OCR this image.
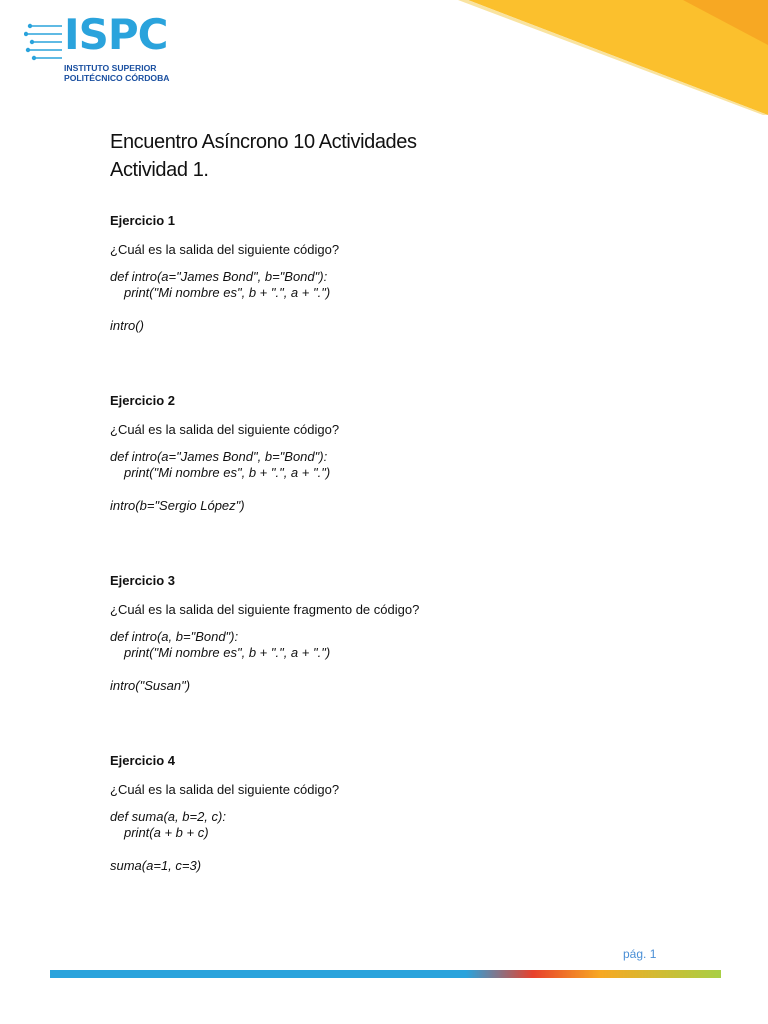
ISPC
INSTITUTO SUPERIOR
POLITÉCNICO CÓRDOBA
Encuentro Asíncrono 10 Actividades
Actividad 1.
Ejercicio 1
¿Cuál es la salida del siguiente código?
def intro(a="James Bond", b="Bond"):
print("Mi nombre es", b + ".", a + ".")
intro()
Ejercicio 2
¿Cuál es la salida del siguiente código?
def intro(a="James Bond", b="Bond"):
print("Mi nombre es", b + ".", a + ".")
intro(b="Sergio López")
Ejercicio 3
¿Cuál es la salida del siguiente fragmento de código?
def intro(a, b="Bond"):
print("Mi nombre es", b + ".", a + ".")
intro("Susan")
Ejercicio 4
¿Cuál es la salida del siguiente código?
def suma(a, b=2, c):
print(a + b + c)
suma(a=1, c=3)
pág. 1
